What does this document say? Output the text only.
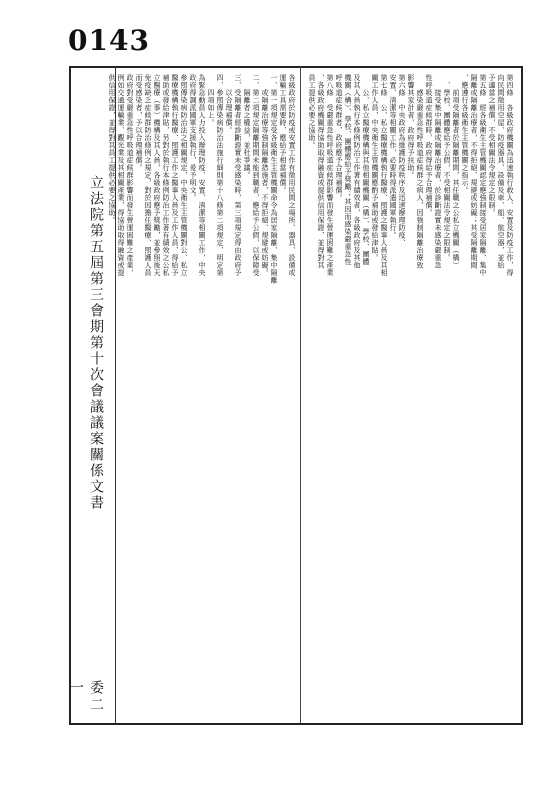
0143
立法院第五屆第三會期第十次會議議案關係文書
委二一
第四條　各級政府機關為迅速執行救人、安置及防疫工作，得
向民間徵用空屋、防疫器具、設備及車、船、航空器，並給
予適當之補償，不受相關法令規定之限制。
第五條　經各級衛生主管機關認定應強制接受居家隔離、集中
隔離或隔離治療者，不得拒絕、規避或妨礙；其受隔離期間
，應遵行各級衛生主管機關之指示。
　　前項受隔離者於隔離期間，其任職之公私立機關（構）
　、學校、團體應給予公假，不受相關法令規定之限制。
　　接受集中隔離或隔離治療者，於診斷證實未感染嚴重急
性呼吸道症候群時，政府得給予合理補償。
　　感染嚴重急性呼吸道症候群之病人，因強制隔離治療致
影響其家計者，政府得予扶助。
第六條　中央政府為維護防疫秩序及迅速辦理防疫、
安置、清潔等相關工作，必要時得派遣國軍執行。
第七條　公、私立醫療機構執行醫療、照護之醫事人員及其相
關工作人員，中央衛生主管機關應酌予補助或發給津貼。
　　公、私立醫療機構與其他相關機關（構）、學校、團體
及其人員執行本條例防治工作著有績效者，各級政府及其他
機關（構）、學校、團體應給予獎勵；其因而感染嚴重急性
呼吸道症候群者，政府應予合理補償。
第八條　受嚴重急性呼吸道症候群影響而發生營運困難之產業
，各級政府機關得協助取得融資或提供信用保證，並得對其
員工提供必要之協助。
各級政府於防疫或安置工作有徵用民間之場所、器具、設備或
運輸工具需要時，應給予相當補償。
一、第一項規定受各級衛生主管機關命令為居家隔離、集中隔離
　　或隔離治療等強制隔離措施者，不得拒絕、規避或妨礙。
二、第二項規定隔離期間未能到職者，應給予公假，以保障受
　　隔離者之權益，並杜爭議。
三、受隔離者經診斷證實未受感染時，第三項規定得由政府予
　　以合理補償。
四、參照傳染病防治法施行細則第十八條第二項規定，明定第
　　四項如上。
為緊急動員人力投入辦理防疫、安置、清潔等相關工作，中央
政府得調派國軍支援執行，爰予明文。
參照傳染病防治法之相關規定，中央衛生主管機關對公、私立
醫療機構執行醫療、照護工作之醫事人員及工作人員，得給予
補助或發給津貼，另對於執行本條例防治工作著有績效之公私
立醫療（事）機構及其人員，各級政府應予獎勵，並參照後天
免疫缺乏症候群防治條例之規定，對於因擔任醫療、照護人員
而受感染者，予以合理補償。
政府對受嚴重急性呼吸道症候群影響而發生營運困難之產業，
例如交通運輸業、觀光業及其相關產業，得協助取得融資或提
供信用保證，並得對其員工提供必要之協助。
